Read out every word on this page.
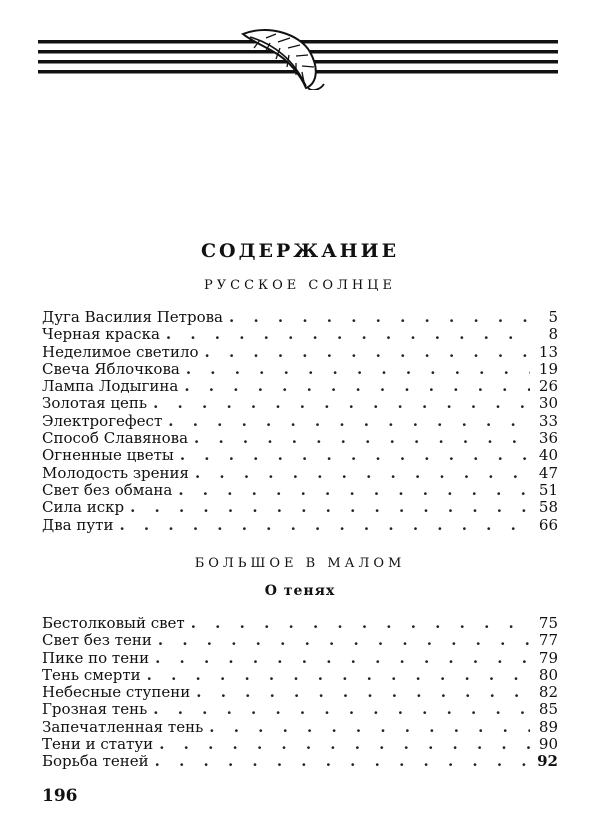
СОДЕРЖАНИЕ
РУССКОЕ СОЛНЦЕ
Дуга Василия Петрова . . .	5
Черная краска . . .	8
Неделимое светило . . .	13
Свеча Яблочкова . . .	19
Лампа Лодыгина . . .	26
Золотая цепь . . .	30
Электрогефест . . .	33
Способ Славянова . . .	36
Огненные цветы . . .	40
Молодость зрения . . .	47
Свет без обмана . . .	51
Сила искр . . .	58
Два пути . . .	66
БОЛЬШОЕ В МАЛОМ
О тенях
Бестолковый свет . . .	75
Свет без тени . . .	77
Пике по тени . . .	79
Тень смерти . . .	80
Небесные ступени . . .	82
Грозная тень . . .	85
Запечатленная тень . . .	89
Тени и статуи . . .	90
Борьба теней . . .	92
196
